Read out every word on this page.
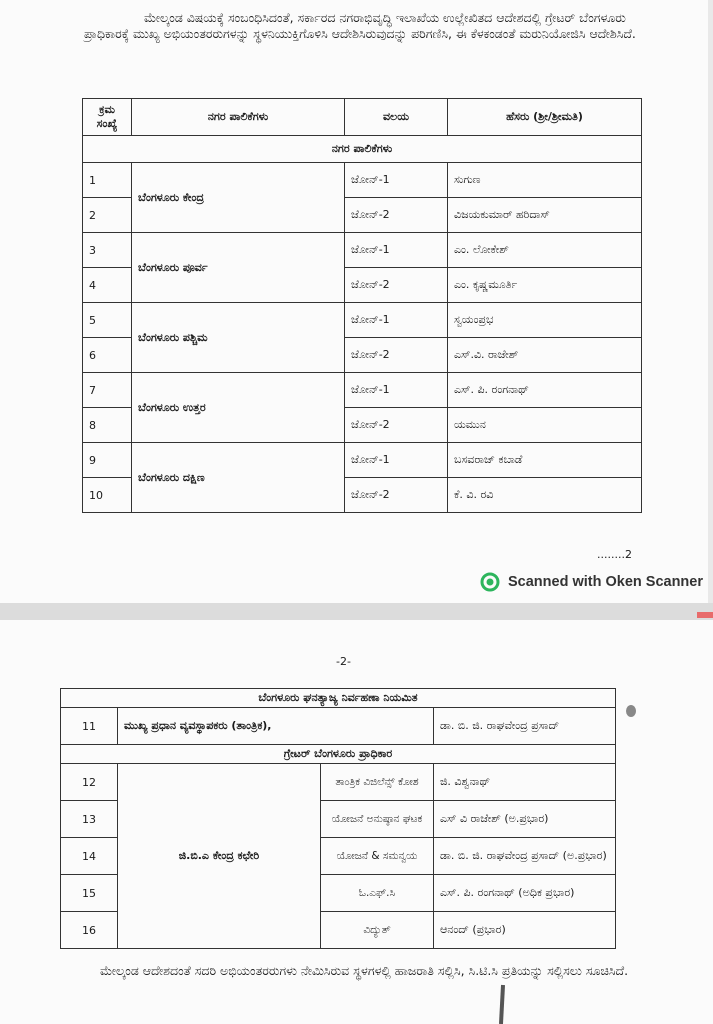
ಮೇಲ್ಕಂಡ ವಿಷಯಕ್ಕೆ ಸಂಬಂಧಿಸಿದಂತೆ, ಸರ್ಕಾರದ ನಗರಾಭಿವೃದ್ಧಿ ಇಲಾಖೆಯ ಉಲ್ಲೇಖಿತದ ಆದೇಶದಲ್ಲಿ ಗ್ರೇಟರ್ ಬೆಂಗಳೂರು ಪ್ರಾಧಿಕಾರಕ್ಕೆ ಮುಖ್ಯ ಅಭಿಯಂತರರುಗಳನ್ನು ಸ್ಥಳನಿಯುಕ್ತಿಗೊಳಿಸಿ ಆದೇಶಿಸಿರುವುದನ್ನು ಪರಿಗಣಿಸಿ, ಈ ಕೆಳಕಂಡಂತೆ ಮರುನಿಯೋಜಿಸಿ ಆದೇಶಿಸಿದೆ.

ಕ್ರಮ ಸಂಖ್ಯೆ	ನಗರ ಪಾಲಿಕೆಗಳು	ವಲಯ	ಹೆಸರು (ಶ್ರೀ/ಶ್ರೀಮತಿ)
ನಗರ ಪಾಲಿಕೆಗಳು			
1	ಬೆಂಗಳೂರು ಕೇಂದ್ರ	ಜೋನ್-1	ಸುಗುಣ
2		ಜೋನ್-2	ವಿಜಯಕುಮಾರ್ ಹರಿದಾಸ್
3	ಬೆಂಗಳೂರು ಪೂರ್ವ	ಜೋನ್-1	ಎಂ. ಲೋಕೇಶ್
4		ಜೋನ್-2	ಎಂ. ಕೃಷ್ಣಮೂರ್ತಿ
5	ಬೆಂಗಳೂರು ಪಶ್ಚಿಮ	ಜೋನ್-1	ಸ್ವಯಂಪ್ರಭ
6		ಜೋನ್-2	ಎಸ್.ವಿ. ರಾಜೇಶ್
7	ಬೆಂಗಳೂರು ಉತ್ತರ	ಜೋನ್-1	ಎಸ್. ಪಿ. ರಂಗನಾಥ್
8		ಜೋನ್-2	ಯಮುನ
9	ಬೆಂಗಳೂರು ದಕ್ಷಿಣ	ಜೋನ್-1	ಬಸವರಾಜ್ ಕಬಾಡೆ
10		ಜೋನ್-2	ಕೆ. ವಿ. ರವಿ
........2
Scanned with Oken Scanner
-2-
ಬೆಂಗಳೂರು ಘನತ್ಯಾಜ್ಯ ನಿರ್ವಹಣಾ ನಿಯಮಿತ			
11	ಮುಖ್ಯ ಪ್ರಧಾನ ವ್ಯವಸ್ಥಾಪಕರು (ತಾಂತ್ರಿಕ),		ಡಾ. ಬಿ. ಜಿ. ರಾಘವೇಂದ್ರ ಪ್ರಸಾದ್
ಗ್ರೇಟರ್ ಬೆಂಗಳೂರು ಪ್ರಾಧಿಕಾರ			
12	ಜಿ.ಬಿ.ಎ ಕೇಂದ್ರ ಕಛೇರಿ	ತಾಂತ್ರಿಕ ವಿಜಿಲೆನ್ಸ್ ಕೋಶ	ಜಿ. ವಿಶ್ವನಾಥ್
13		ಯೋಜನೆ ಅನುಷ್ಠಾನ ಘಟಕ	ಎಸ್ ವಿ ರಾಜೇಶ್ (ಅ.ಪ್ರಭಾರ)
14		ಯೋಜನೆ & ಸಮನ್ವಯ	ಡಾ. ಬಿ. ಜಿ. ರಾಘವೇಂದ್ರ ಪ್ರಸಾದ್ (ಅ.ಪ್ರಭಾರ)
15		ಓ.ಎಫ್.ಸಿ	ಎಸ್. ಪಿ. ರಂಗನಾಥ್ (ಅಧಿಕ ಪ್ರಭಾರ)
16		ವಿದ್ಯುತ್	ಆನಂದ್ (ಪ್ರಭಾರ)

ಮೇಲ್ಕಂಡ ಆದೇಶದಂತೆ ಸದರಿ ಅಭಿಯಂತರರುಗಳು ನೇಮಿಸಿರುವ ಸ್ಥಳಗಳಲ್ಲಿ ಹಾಜರಾತಿ ಸಲ್ಲಿಸಿ, ಸಿ.ಟಿ.ಸಿ ಪ್ರತಿಯನ್ನು ಸಲ್ಲಿಸಲು ಸೂಚಿಸಿದೆ.
